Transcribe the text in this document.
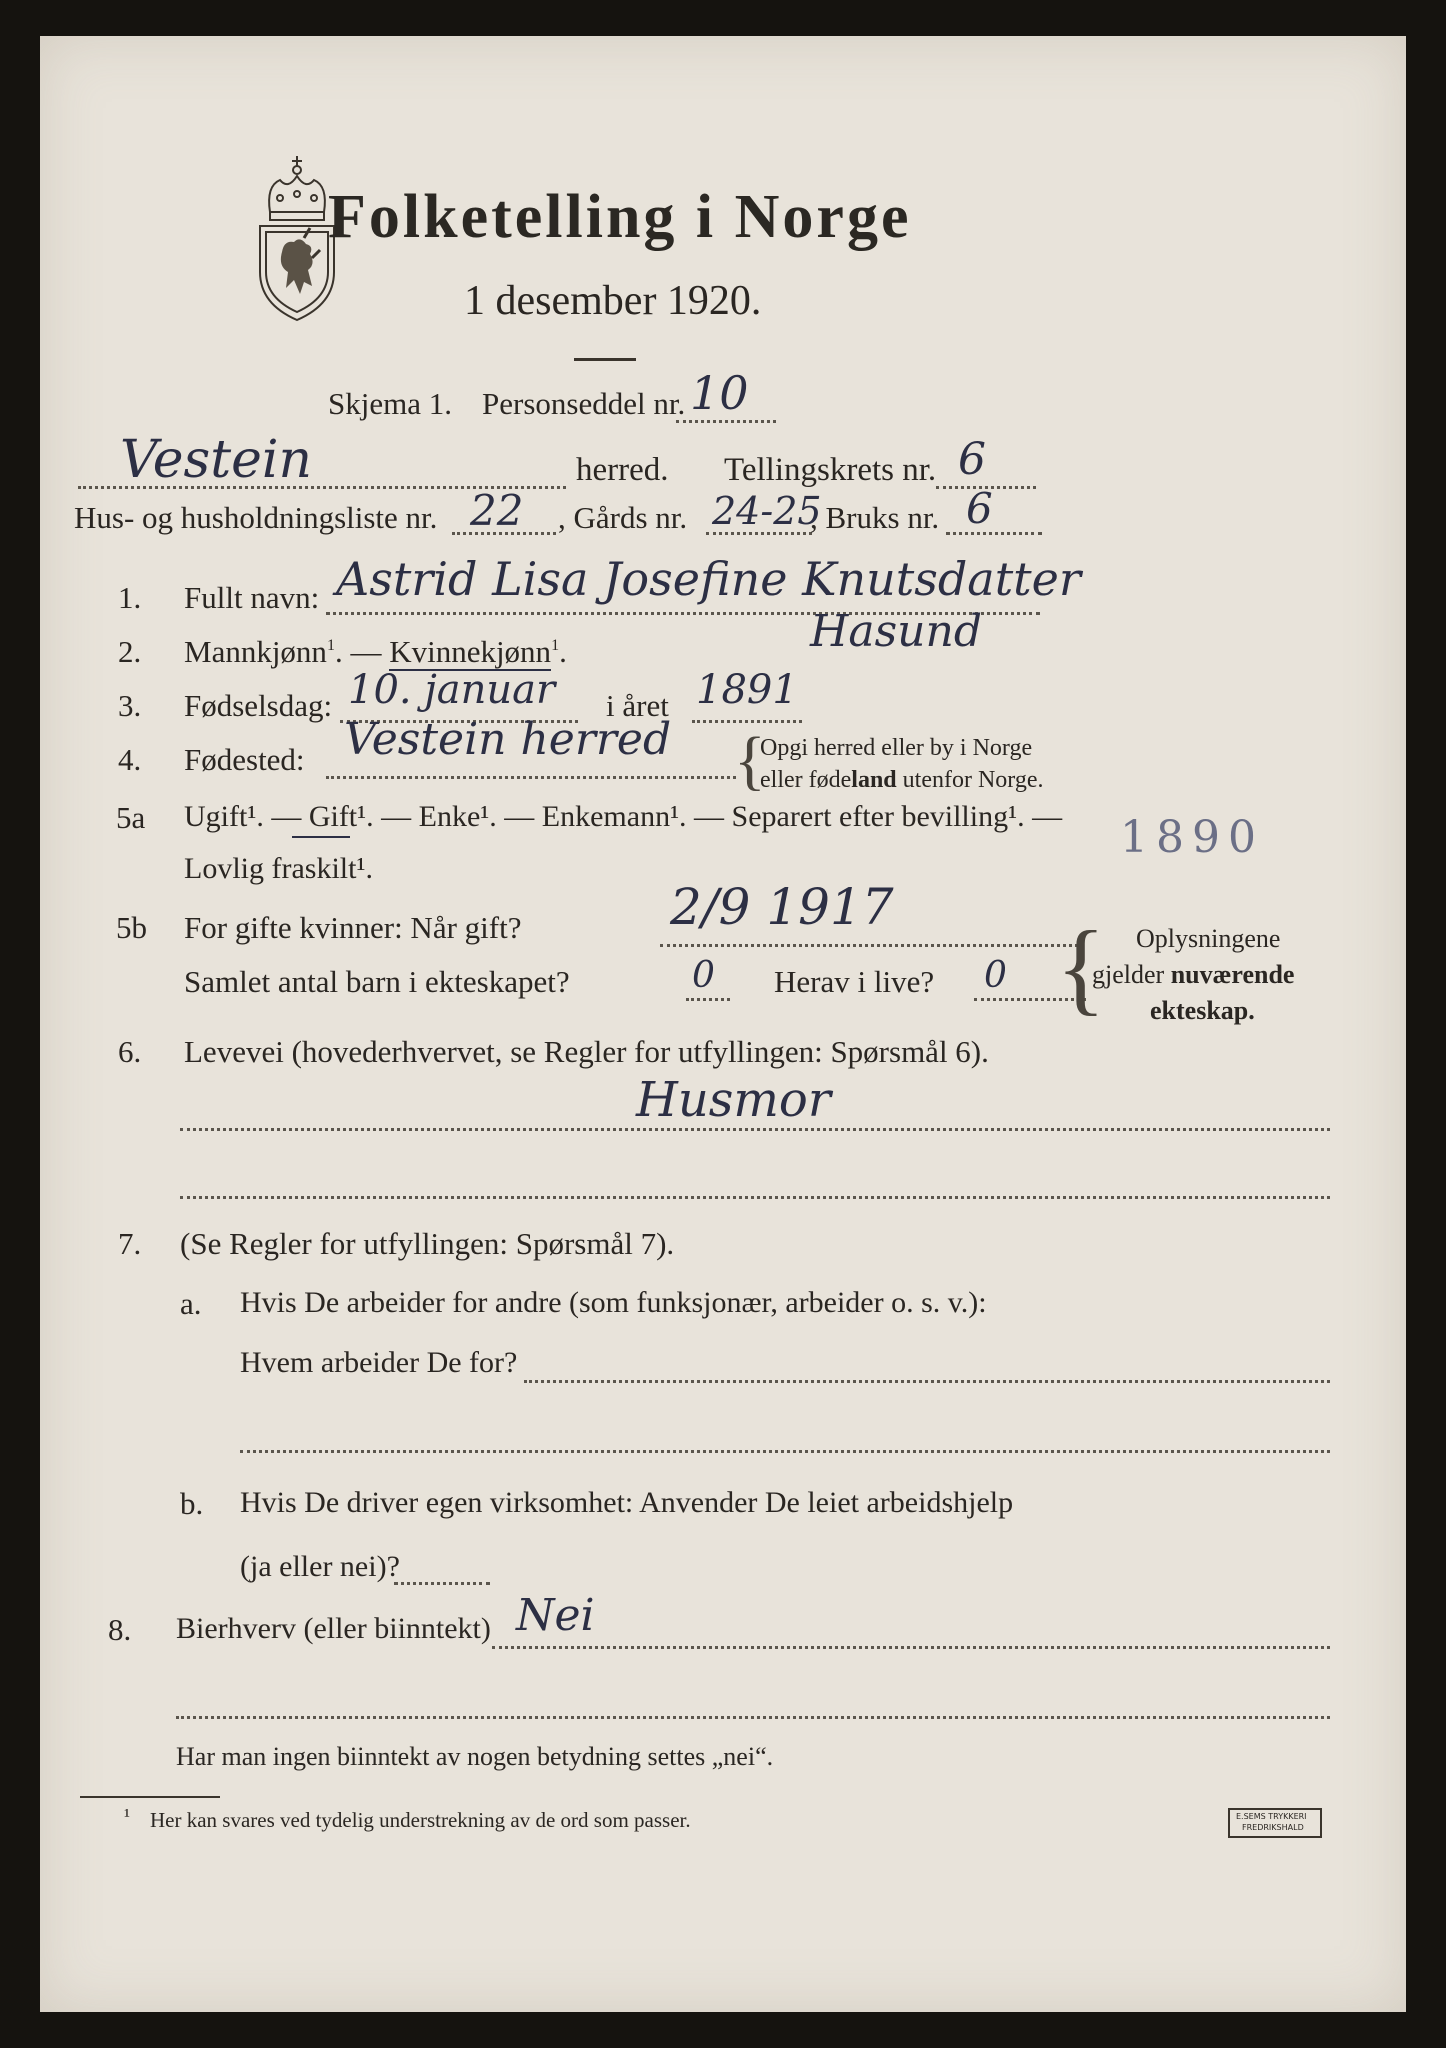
Folketelling i Norge
1 desember 1920.
Skjema 1. Personseddel nr. 10
Vestein	herred. Tellingskrets nr. 6
Hus- og husholdningsliste nr. 22 , Gårds nr. 24-25
, Bruks nr. 6
1. Fullt navn: Astrid Lisa Josefine Knutsdatter
Hasund
2. Mannkjønn$^1$. — Kvinnekjønn$^1$.
3. Fødselsdag: 10. januar i året 1891
4. Fødested: Vestein herred {
Opgi herred eller by i Norge
eller fødeland utenfor Norge.
5a Ugift¹. — Gift¹. — Enke¹. — Enkemann¹. — Separert efter bevilling¹. —
Lovlig fraskilt¹.
1890
5b For gifte kvinner: Når gift?	2/9 1917
Samlet antal barn i ekteskapet?	0 Herav i live? 0 { Oplysningene
gjelder nuværende
ekteskap.
6. Levevei (hovederhvervet, se Regler for utfyllingen: Spørsmål 6).
Husmor
7. (Se Regler for utfyllingen: Spørsmål 7).
a. Hvis De arbeider for andre (som funksjonær, arbeider o. s. v.):
Hvem arbeider De for?
b. Hvis De driver egen virksomhet: Anvender De leiet arbeidshjelp
(ja eller nei)?
8. Bierhverv (eller biinntekt) Nei
Har man ingen biinntekt av nogen betydning settes „nei“.
¹ Her kan svares ved tydelig understrekning av de ord som passer.	E.SEMS TRYKKERI
FREDRIKSHALD
